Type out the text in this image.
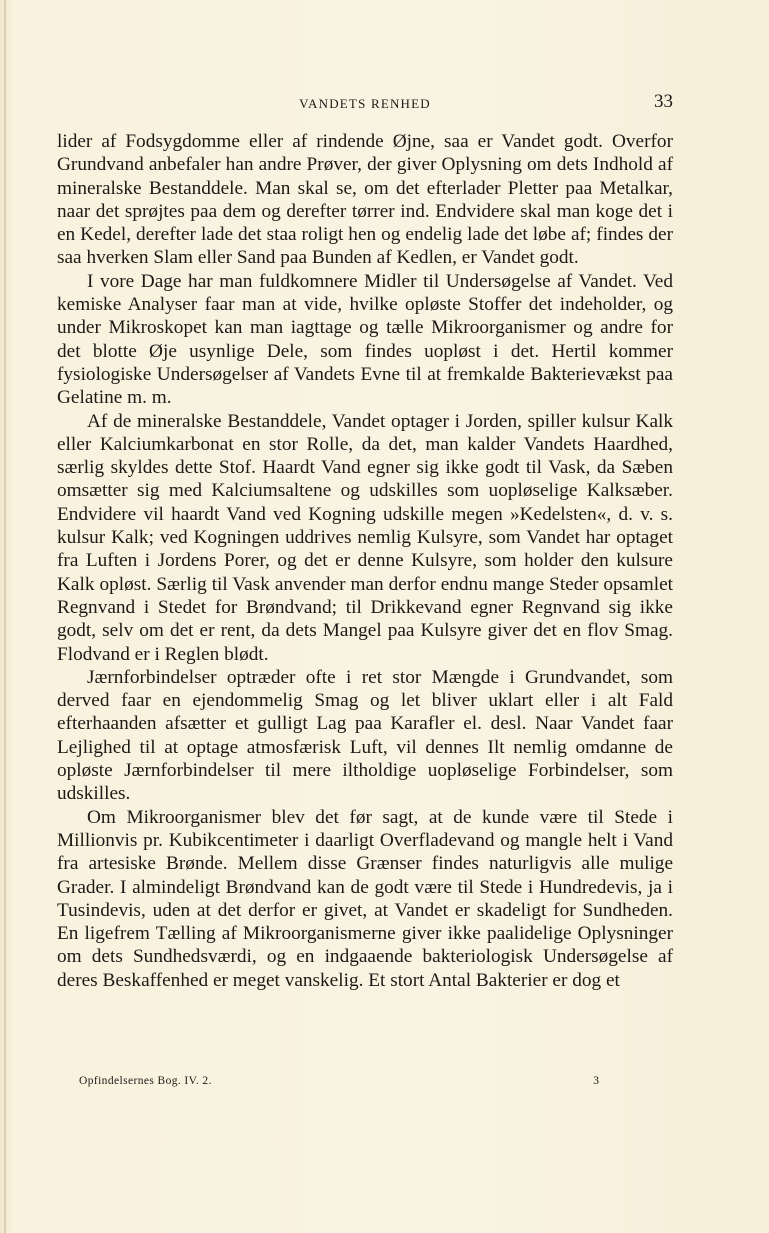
VANDETS RENHED	33

lider af Fodsygdomme eller af rindende Øjne, saa er Vandet godt. Overfor Grundvand anbefaler han andre Prøver, der giver Oplysning om dets Indhold af mineralske Bestanddele. Man skal se, om det efterlader Pletter paa Metalkar, naar det sprøjtes paa dem og derefter tørrer ind. Endvidere skal man koge det i en Kedel, derefter lade det staa roligt hen og endelig lade det løbe af; findes der saa hverken Slam eller Sand paa Bunden af Kedlen, er Vandet godt.

I vore Dage har man fuldkomnere Midler til Undersøgelse af Vandet. Ved kemiske Analyser faar man at vide, hvilke opløste Stoffer det indeholder, og under Mikroskopet kan man iagttage og tælle Mikroorganismer og andre for det blotte Øje usynlige Dele, som findes uopløst i det. Hertil kommer fysiologiske Undersøgelser af Vandets Evne til at fremkalde Bakterievækst paa Gelatine m. m.

Af de mineralske Bestanddele, Vandet optager i Jorden, spiller kulsur Kalk eller Kalciumkarbonat en stor Rolle, da det, man kalder Vandets Haardhed, særlig skyldes dette Stof. Haardt Vand egner sig ikke godt til Vask, da Sæben omsætter sig med Kalciumsaltene og udskilles som uopløselige Kalksæber. Endvidere vil haardt Vand ved Kogning udskille megen »Kedelsten«, d. v. s. kulsur Kalk; ved Kogningen uddrives nemlig Kulsyre, som Vandet har optaget fra Luften i Jordens Porer, og det er denne Kulsyre, som holder den kulsure Kalk opløst. Særlig til Vask anvender man derfor endnu mange Steder opsamlet Regnvand i Stedet for Brøndvand; til Drikkevand egner Regnvand sig ikke godt, selv om det er rent, da dets Mangel paa Kulsyre giver det en flov Smag. Flodvand er i Reglen blødt.

Jærnforbindelser optræder ofte i ret stor Mængde i Grundvandet, som derved faar en ejendommelig Smag og let bliver uklart eller i alt Fald efterhaanden afsætter et gulligt Lag paa Karafler el. desl. Naar Vandet faar Lejlighed til at optage atmosfærisk Luft, vil dennes Ilt nemlig omdanne de opløste Jærnforbindelser til mere iltholdige uopløselige Forbindelser, som udskilles.

Om Mikroorganismer blev det før sagt, at de kunde være til Stede i Millionvis pr. Kubikcentimeter i daarligt Overfladevand og mangle helt i Vand fra artesiske Brønde. Mellem disse Grænser findes naturligvis alle mulige Grader. I almindeligt Brøndvand kan de godt være til Stede i Hundredevis, ja i Tusindevis, uden at det derfor er givet, at Vandet er skadeligt for Sundheden. En ligefrem Tælling af Mikroorganismerne giver ikke paalidelige Oplysninger om dets Sundhedsværdi, og en indgaaende bakteriologisk Undersøgelse af deres Beskaffenhed er meget vanskelig. Et stort Antal Bakterier er dog et

Opfindelsernes Bog. IV. 2.	3
